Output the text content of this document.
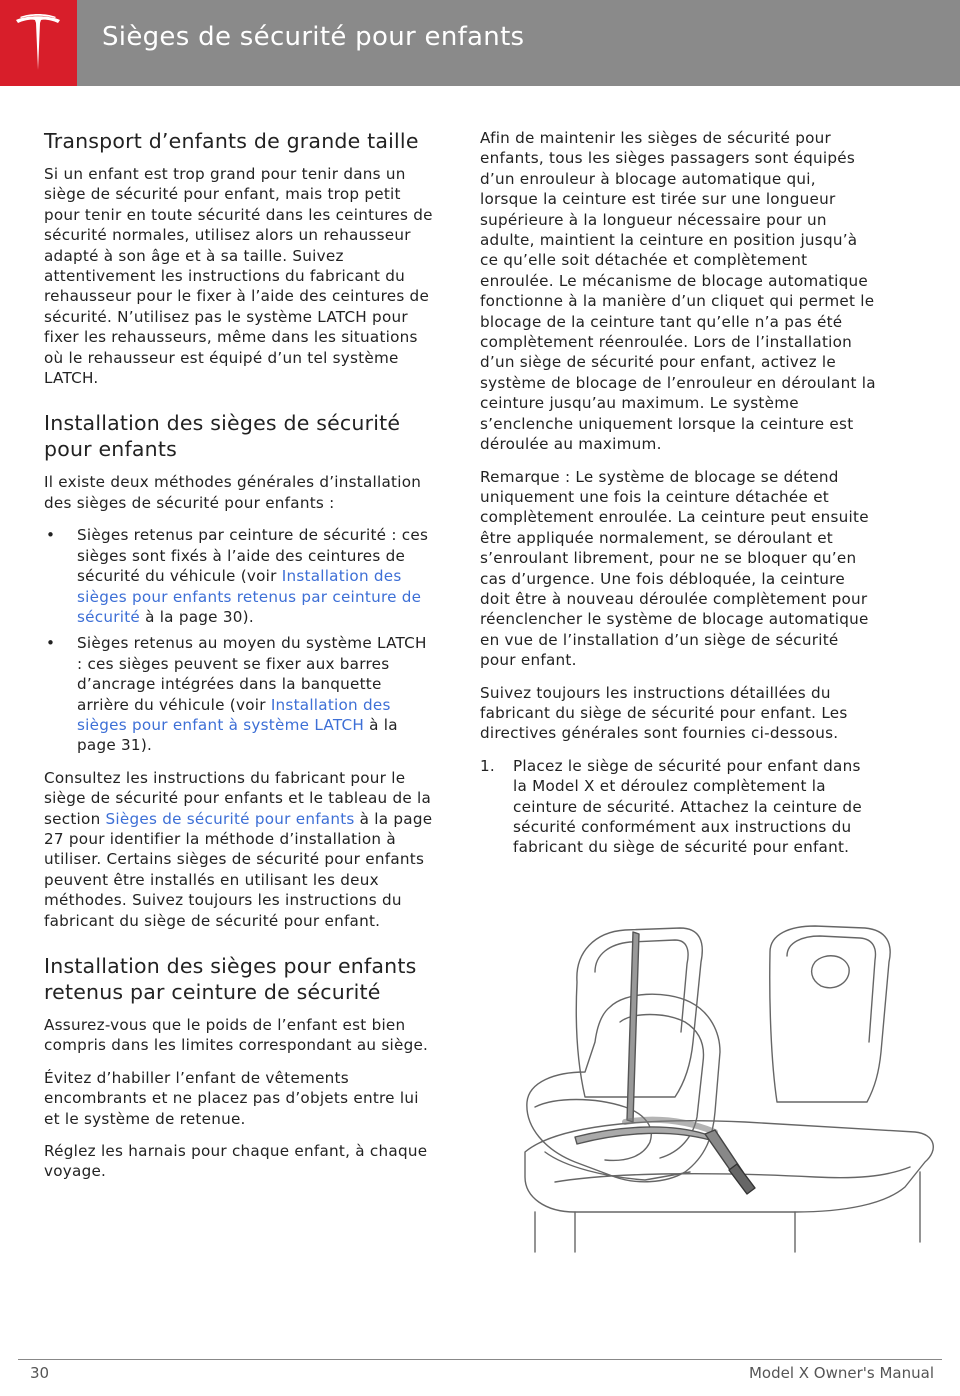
Sièges de sécurité pour enfants
Transport d’enfants de grande taille

Si un enfant est trop grand pour tenir dans un siège de sécurité pour enfant, mais trop petit pour tenir en toute sécurité dans les ceintures de sécurité normales, utilisez alors un rehausseur adapté à son âge et à sa taille. Suivez attentivement les instructions du fabricant du rehausseur pour le fixer à l’aide des ceintures de sécurité. N’utilisez pas le système LATCH pour fixer les rehausseurs, même dans les situations où le rehausseur est équipé d’un tel système LATCH.

Installation des sièges de sécurité pour enfants

Il existe deux méthodes générales d’installation des sièges de sécurité pour enfants :

• Sièges retenus par ceinture de sécurité : ces sièges sont fixés à l’aide des ceintures de sécurité du véhicule (voir Installation des sièges pour enfants retenus par ceinture de sécurité à la page 30).
• Sièges retenus au moyen du système LATCH : ces sièges peuvent se fixer aux barres d’ancrage intégrées dans la banquette arrière du véhicule (voir Installation des sièges pour enfant à système LATCH à la page 31).

Consultez les instructions du fabricant pour le siège de sécurité pour enfants et le tableau de la section Sièges de sécurité pour enfants à la page 27 pour identifier la méthode d’installation à utiliser. Certains sièges de sécurité pour enfants peuvent être installés en utilisant les deux méthodes. Suivez toujours les instructions du fabricant du siège de sécurité pour enfant.

Installation des sièges pour enfants retenus par ceinture de sécurité

Assurez-vous que le poids de l’enfant est bien compris dans les limites correspondant au siège.

Évitez d’habiller l’enfant de vêtements encombrants et ne placez pas d’objets entre lui et le système de retenue.

Réglez les harnais pour chaque enfant, à chaque voyage.

Afin de maintenir les sièges de sécurité pour enfants, tous les sièges passagers sont équipés d’un enrouleur à blocage automatique qui, lorsque la ceinture est tirée sur une longueur supérieure à la longueur nécessaire pour un adulte, maintient la ceinture en position jusqu’à ce qu’elle soit détachée et complètement enroulée. Le mécanisme de blocage automatique fonctionne à la manière d’un cliquet qui permet le blocage de la ceinture tant qu’elle n’a pas été complètement réenroulée. Lors de l’installation d’un siège de sécurité pour enfant, activez le système de blocage de l’enrouleur en déroulant la ceinture jusqu’au maximum. Le système s’enclenche uniquement lorsque la ceinture est déroulée au maximum.

Remarque : Le système de blocage se détend uniquement une fois la ceinture détachée et complètement enroulée. La ceinture peut ensuite être appliquée normalement, se déroulant et s’enroulant librement, pour ne se bloquer qu’en cas d’urgence. Une fois débloquée, la ceinture doit être à nouveau déroulée complètement pour réenclencher le système de blocage automatique en vue de l’installation d’un siège de sécurité pour enfant.

Suivez toujours les instructions détaillées du fabricant du siège de sécurité pour enfant. Les directives générales sont fournies ci-dessous.

1. Placez le siège de sécurité pour enfant dans la Model X et déroulez complètement la ceinture de sécurité. Attachez la ceinture de sécurité conformément aux instructions du fabricant du siège de sécurité pour enfant.
30	Model X Owner's Manual
